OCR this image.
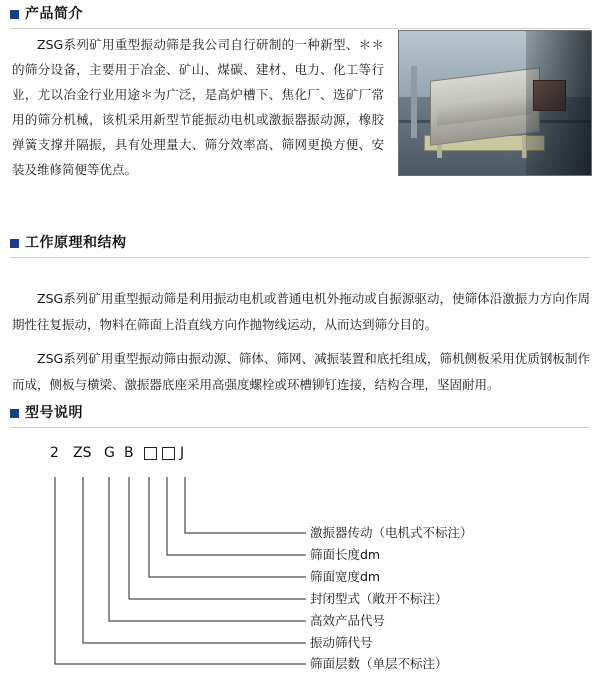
产品简介

ZSG系列矿用重型振动筛是我公司自行研制的一种新型、＊＊的筛分设备，主要用于冶金、矿山、煤碳、建材、电力、化工等行业，尤以冶金行业用途＊为广泛，是高炉槽下、焦化厂、选矿厂常用的筛分机械，该机采用新型节能振动电机或激振器振动源，橡胶弹簧支撑并隔振，具有处理量大、筛分效率高、筛网更换方便、安装及维修简便等优点。

工作原理和结构

ZSG系列矿用重型振动筛是利用振动电机或普通电机外拖动或自振源驱动，使筛体沿激振力方向作周期性往复振动，物料在筛面上沿直线方向作抛物线运动，从而达到筛分目的。

ZSG系列矿用重型振动筛由振动源、筛体、筛网、减振装置和底托组成，筛机侧板采用优质钢板制作而成，侧板与横梁、激振器底座采用高强度螺栓或环槽铆钉连接，结构合理，坚固耐用。

型号说明
2 ZS G B	J
激振器传动（电机式不标注）
筛面长度dm
筛面宽度dm
封闭型式（敞开不标注）
高效产品代号
振动筛代号
筛面层数（单层不标注）
